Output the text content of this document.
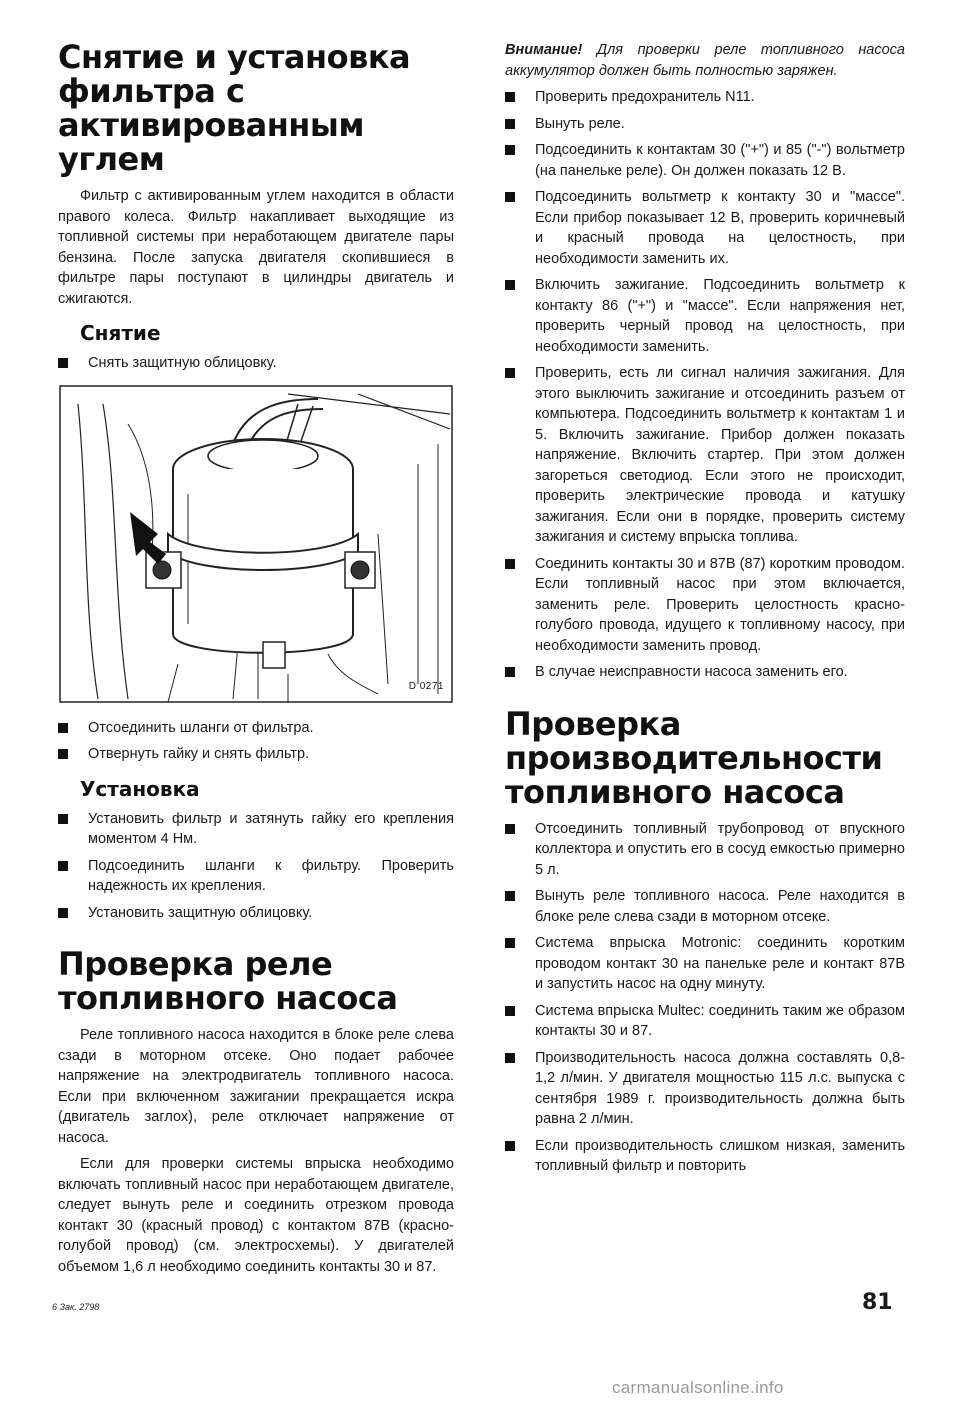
Снятие и установка
фильтра с
активированным углем

Фильтр с активированным углем находится в области правого колеса. Фильтр накапливает выходящие из топливной системы при неработающем двигателе пары бензина. После запуска двигателя скопившиеся в фильтре пары поступают в цилиндры двигатель и сжигаются.

Снятие
Снять защитную облицовку.
D 0271
Отсоединить шланги от фильтра.
Отвернуть гайку и снять фильтр.
Установка
Установить фильтр и затянуть гайку его крепления моментом 4 Нм.
Подсоединить шланги к фильтру. Проверить надежность их крепления.
Установить защитную облицовку.
Проверка реле
топливного насоса

Реле топливного насоса находится в блоке реле слева сзади в моторном отсеке. Оно подает рабочее напряжение на электродвигатель топливного насоса. Если при включенном зажигании прекращается искра (двигатель заглох), реле отключает напряжение от насоса.

Если для проверки системы впрыска необходимо включать топливный насос при неработающем двигателе, следует вынуть реле и соединить отрезком провода контакт 30 (красный провод) с контактом 87В (красно-голубой провод) (см. электросхемы). У двигателей объемом 1,6 л необходимо соединить контакты 30 и 87.

Внимание! Для проверки реле топливного насоса аккумулятор должен быть полностью заряжен.

Проверить предохранитель N11.
Вынуть реле.
Подсоединить к контактам 30 ("+") и 85 ("-") вольтметр (на панельке реле). Он должен показать 12 В.
Подсоединить вольтметр к контакту 30 и "массе". Если прибор показывает 12 В, проверить коричневый и красный провода на целостность, при необходимости заменить их.
Включить зажигание. Подсоединить вольтметр к контакту 86 ("+") и "массе". Если напряжения нет, проверить черный провод на целостность, при необходимости заменить.
Проверить, есть ли сигнал наличия зажигания. Для этого выключить зажигание и отсоединить разъем от компьютера. Подсоединить вольтметр к контактам 1 и 5. Включить зажигание. Прибор должен показать напряжение. Включить стартер. При этом должен загореться светодиод. Если этого не происходит, проверить электрические провода и катушку зажигания. Если они в порядке, проверить систему зажигания и систему впрыска топлива.
Соединить контакты 30 и 87В (87) коротким проводом. Если топливный насос при этом включается, заменить реле. Проверить целостность красно-голубого провода, идущего к топливному насосу, при необходимости заменить провод.
В случае неисправности насоса заменить его.
Проверка
производительности
топливного насоса
Отсоединить топливный трубопровод от впускного коллектора и опустить его в сосуд емкостью примерно 5 л.
Вынуть реле топливного насоса. Реле находится в блоке реле слева сзади в моторном отсеке.
Система впрыска Motronic: соединить коротким проводом контакт 30 на панельке реле и контакт 87В и запустить насос на одну минуту.
Система впрыска Multec: соединить таким же образом контакты 30 и 87.
Производительность насоса должна составлять 0,8-1,2 л/мин. У двигателя мощностью 115 л.с. выпуска с сентября 1989 г. производительность должна быть равна 2 л/мин.
Если производительность слишком низкая, заменить топливный фильтр и повторить
6 Зак. 2798	81
carmanualsonline.info
